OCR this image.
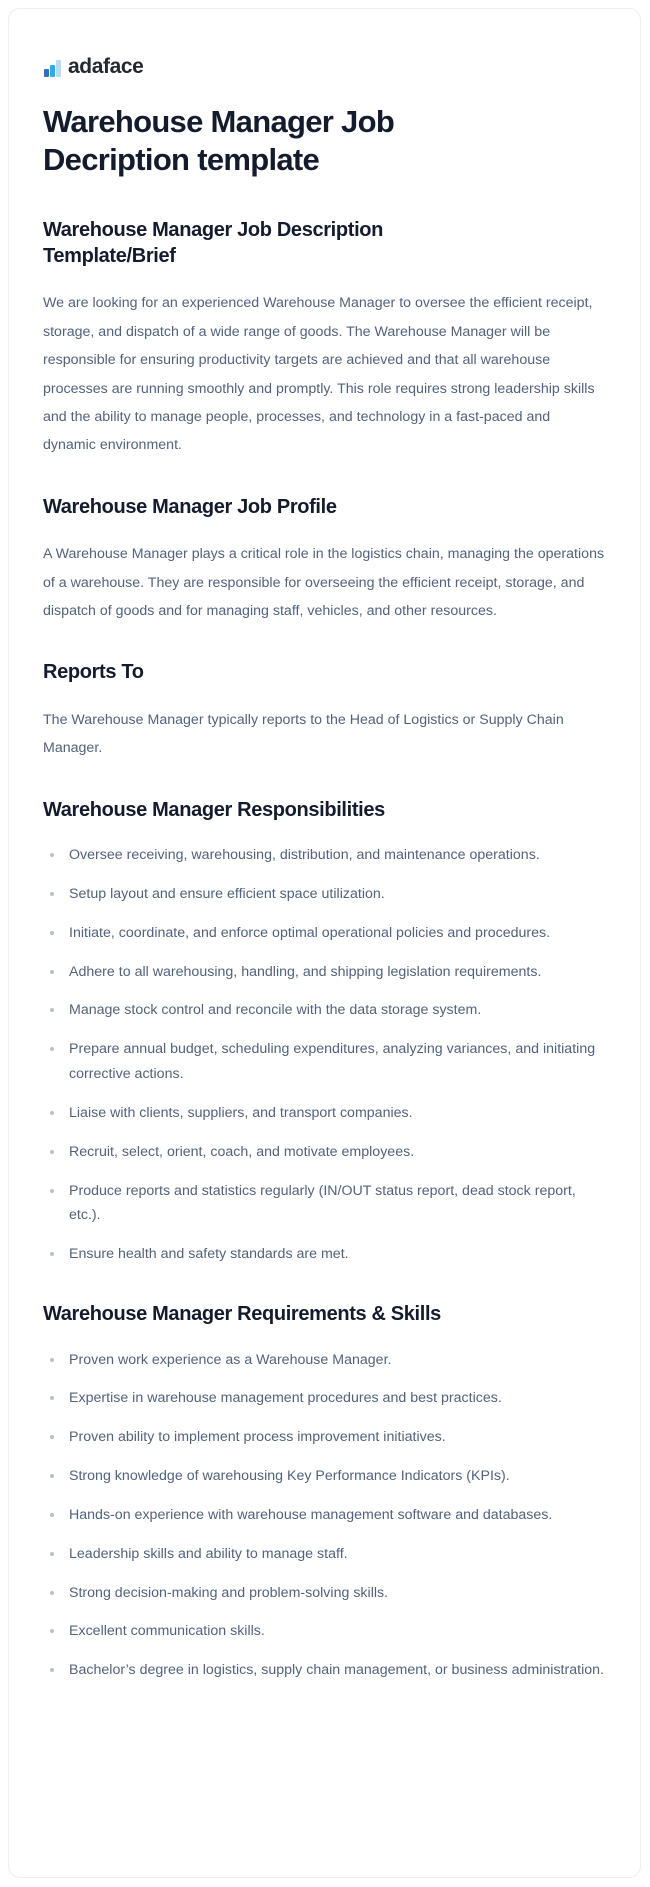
adaface
Warehouse Manager Job Decription template
Warehouse Manager Job Description Template/Brief

We are looking for an experienced Warehouse Manager to oversee the efficient receipt, storage, and dispatch of a wide range of goods. The Warehouse Manager will be responsible for ensuring productivity targets are achieved and that all warehouse processes are running smoothly and promptly. This role requires strong leadership skills and the ability to manage people, processes, and technology in a fast-paced and dynamic environment.

Warehouse Manager Job Profile

A Warehouse Manager plays a critical role in the logistics chain, managing the operations of a warehouse. They are responsible for overseeing the efficient receipt, storage, and dispatch of goods and for managing staff, vehicles, and other resources.

Reports To

The Warehouse Manager typically reports to the Head of Logistics or Supply Chain Manager.

Warehouse Manager Responsibilities
Oversee receiving, warehousing, distribution, and maintenance operations.
Setup layout and ensure efficient space utilization.
Initiate, coordinate, and enforce optimal operational policies and procedures.
Adhere to all warehousing, handling, and shipping legislation requirements.
Manage stock control and reconcile with the data storage system.
Prepare annual budget, scheduling expenditures, analyzing variances, and initiating corrective actions.
Liaise with clients, suppliers, and transport companies.
Recruit, select, orient, coach, and motivate employees.
Produce reports and statistics regularly (IN/OUT status report, dead stock report, etc.).
Ensure health and safety standards are met.
Warehouse Manager Requirements & Skills
Proven work experience as a Warehouse Manager.
Expertise in warehouse management procedures and best practices.
Proven ability to implement process improvement initiatives.
Strong knowledge of warehousing Key Performance Indicators (KPIs).
Hands-on experience with warehouse management software and databases.
Leadership skills and ability to manage staff.
Strong decision-making and problem-solving skills.
Excellent communication skills.
Bachelor’s degree in logistics, supply chain management, or business administration.
